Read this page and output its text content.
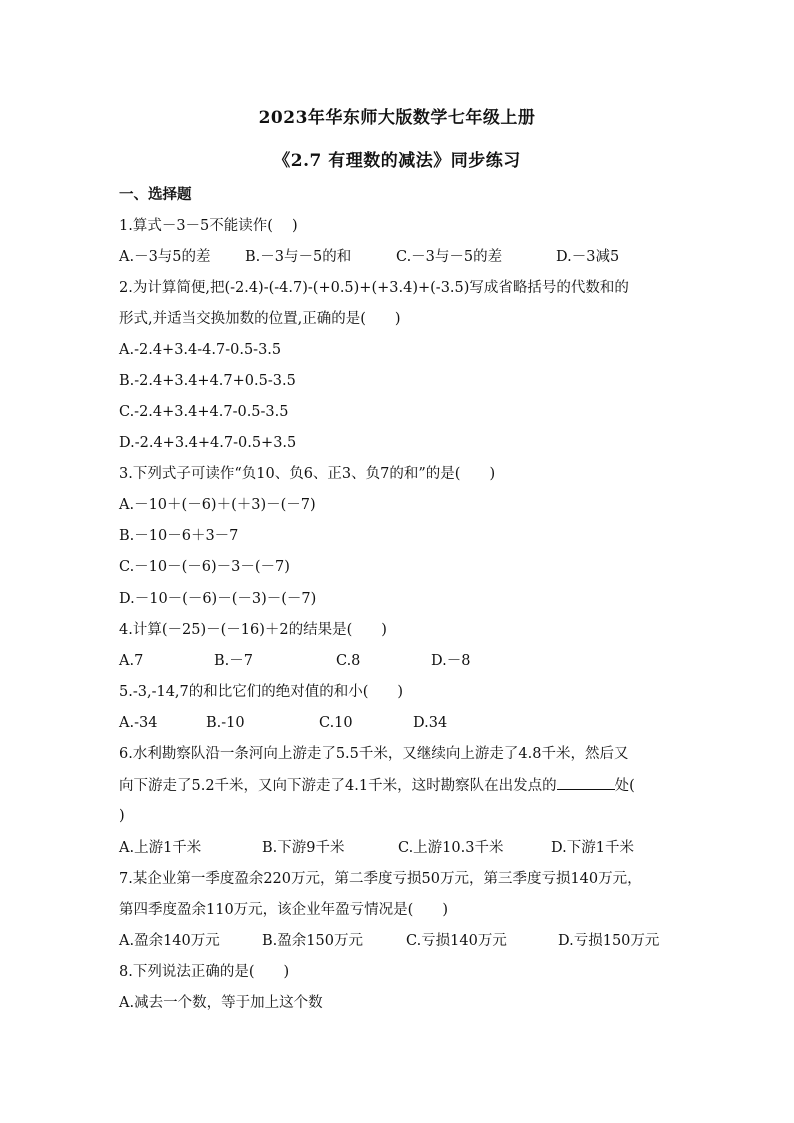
2023年华东师大版数学七年级上册
《2.7 有理数的减法》同步练习
一、选择题
1.算式－3－5不能读作(　 )
A.－3与5的差 B.－3与－5的和	C.－3与－5的差	D.－3减5
2.为计算简便,把(-2.4)-(-4.7)-(+0.5)+(+3.4)+(-3.5)写成省略括号的代数和的
形式,并适当交换加数的位置,正确的是(　　)
A.-2.4+3.4-4.7-0.5-3.5
B.-2.4+3.4+4.7+0.5-3.5
C.-2.4+3.4+4.7-0.5-3.5
D.-2.4+3.4+4.7-0.5+3.5
3.下列式子可读作“负10、负6、正3、负7的和”的是(　　)
A.－10＋(－6)＋(＋3)－(－7)
B.－10－6＋3－7
C.－10－(－6)－3－(－7)
D.－10－(－6)－(－3)－(－7)
4.计算(－25)－(－16)＋2的结果是(　　)
A.7	B.－7	C.8	D.－8
5.-3,-14,7的和比它们的绝对值的和小(　　)
A.-34	B.-10	C.10	D.34
6.水利勘察队沿一条河向上游走了5.5千米，又继续向上游走了4.8千米，然后又
向下游走了5.2千米，又向下游走了4.1千米，这时勘察队在出发点的	处(
)
A.上游1千米	B.下游9千米	C.上游10.3千米	D.下游1千米
7.某企业第一季度盈余220万元，第二季度亏损50万元，第三季度亏损140万元，
第四季度盈余110万元，该企业年盈亏情况是(　　)
A.盈余140万元	B.盈余150万元	C.亏损140万元	D.亏损150万元
8.下列说法正确的是(　　)
A.减去一个数，等于加上这个数
